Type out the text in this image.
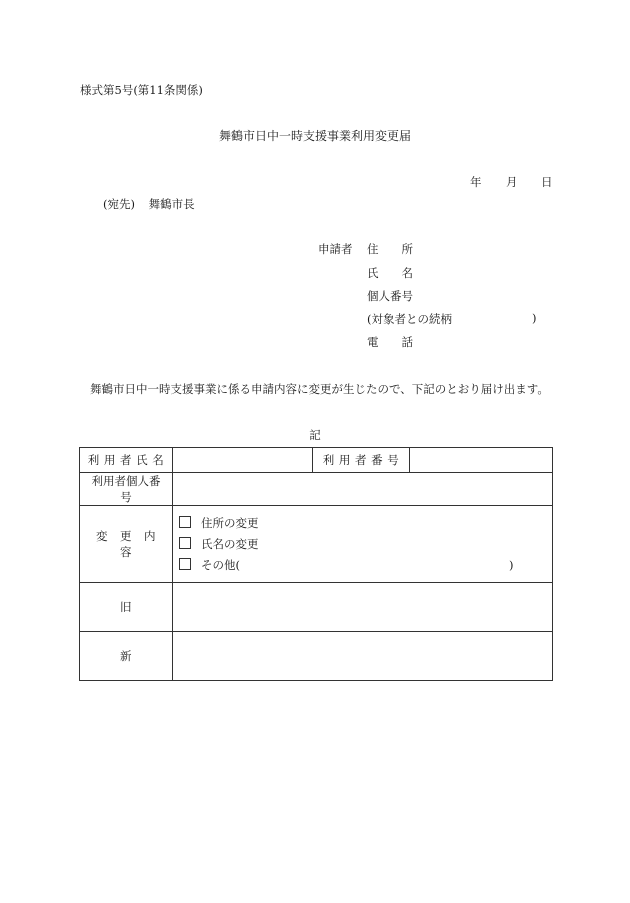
様式第5号(第11条関係)
舞鶴市日中一時支援事業利用変更届
年 月 日
(宛先) 舞鶴市長
申請者 住　　所
氏　　名
個人番号
(対象者との続柄	)
電　　話
舞鶴市日中一時支援事業に係る申請内容に変更が生じたので、下記のとおり届け出ます。
記
利 用 者 氏 名		利 用 者 番 号	
利用者個人番号			
変　更　内　容	住所の変更
氏名の変更
その他( )		

旧			
新			
